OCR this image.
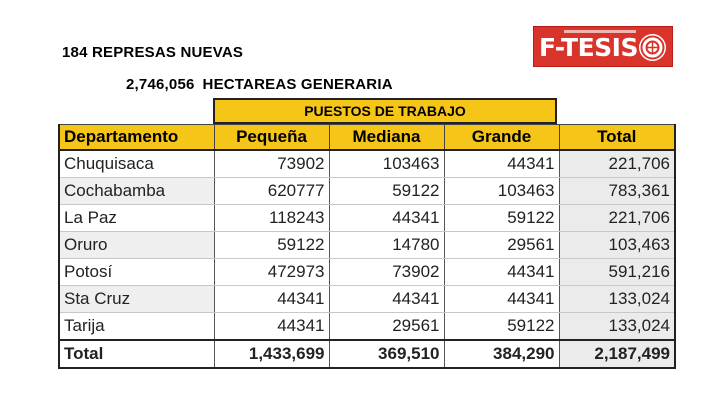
184 REPRESAS NUEVAS
2,746,056 HECTAREAS GENERARIA
F-TESIS
PUESTOS DE TRABAJO
Departamento	Pequeña	Mediana	Grande	Total
Chuquisaca	73902	103463	44341	221,706
Cochabamba	620777	59122	103463	783,361
La Paz	118243	44341	59122	221,706
Oruro	59122	14780	29561	103,463
Potosí	472973	73902	44341	591,216
Sta Cruz	44341	44341	44341	133,024
Tarija	44341	29561	59122	133,024
Total	1,433,699	369,510	384,290	2,187,499
